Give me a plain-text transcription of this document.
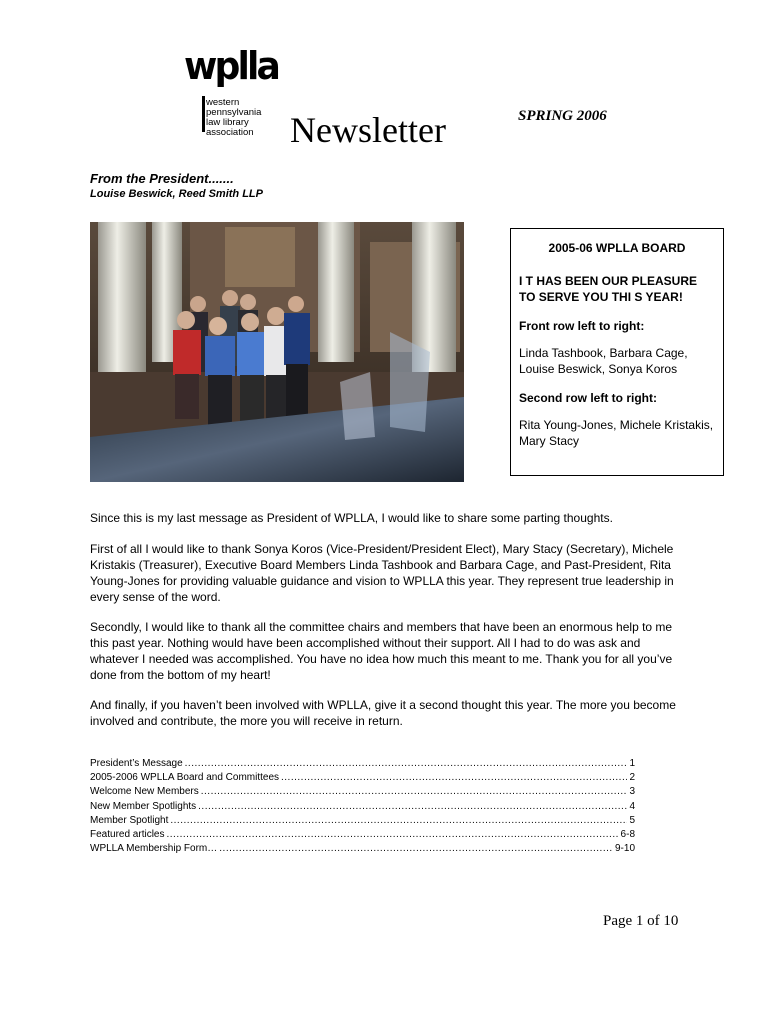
wplla
western
pennsylvania
law library
association Newsletter	SPRING 2006
From the President.......
Louise Beswick, Reed Smith LLP
2005-06 WPLLA BOARD
I T HAS BEEN OUR PLEASURE TO SERVE YOU THI S YEAR!
Front row left to right:
Linda Tashbook, Barbara Cage, Louise Beswick, Sonya Koros
Second row left to right:
Rita Young-Jones, Michele Kristakis, Mary Stacy
Since this is my last message as President of WPLLA, I would like to share some parting thoughts.
First of all I would like to thank Sonya Koros (Vice-President/President Elect), Mary Stacy (Secretary), Michele Kristakis (Treasurer), Executive Board Members Linda Tashbook and Barbara Cage, and Past-President, Rita Young-Jones for providing valuable guidance and vision to WPLLA this year. They represent true leadership in every sense of the word.
Secondly, I would like to thank all the committee chairs and members that have been an enormous help to me this past year. Nothing would have been accomplished without their support. All I had to do was ask and whatever I needed was accomplished. You have no idea how much this meant to me. Thank you for all you’ve done from the bottom of my heart!
And finally, if you haven’t been involved with WPLLA, give it a second thought this year. The more you become involved and contribute, the more you will receive in return.
President’s Message .....	1
2005-2006 WPLLA Board and Committees .....	2
Welcome New Members .....	3
New Member Spotlights .....	4
Member Spotlight .....	5
Featured articles .....	6-8
WPLLA Membership Form… .....	9-10
Page 1 of 10
